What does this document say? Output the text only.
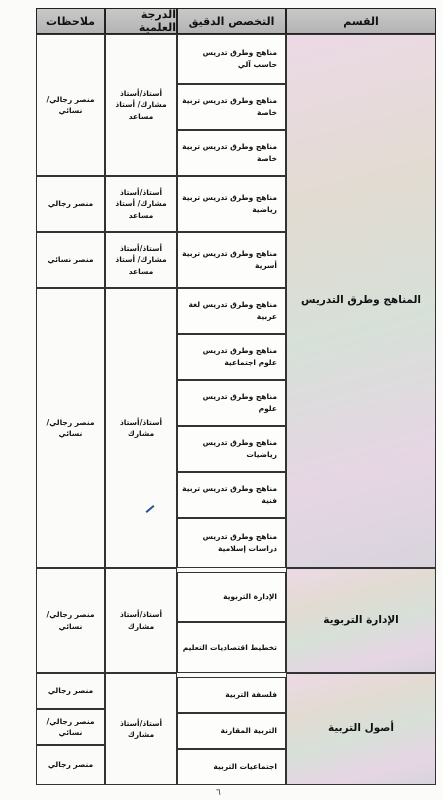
القسم
التخصص الدقيق
الدرجة العلمية
ملاحظات
المناهج وطرق التدريس
الإدارة التربوية
أصول التربية
مناهج وطرق تدريس حاسب آلي
مناهج وطرق تدريس تربية خاصة
مناهج وطرق تدريس تربية خاصة
مناهج وطرق تدريس تربية رياضية
مناهج وطرق تدريس تربية أسرية
مناهج وطرق تدريس لغة عربية
مناهج وطرق تدريس علوم اجتماعية
مناهج وطرق تدريس علوم
مناهج وطرق تدريس رياضيات
مناهج وطرق تدريس تربية فنية
مناهج وطرق تدريس دراسات إسلامية
الإدارة التربوية
تخطيط اقتصاديات التعليم
فلسفة التربية
التربية المقارنة
اجتماعيات التربية
أستاذ/أستاذ مشارك/ أستاذ مساعد
أستاذ/أستاذ مشارك/ أستاذ مساعد
أستاذ/أستاذ مشارك/ أستاذ مساعد
أستاذ/أستاذ مشارك
أستاذ/أستاذ مشارك
أستاذ/أستاذ مشارك
منصر رجالي/ نسائي
منصر رجالي
منصر نسائي
منصر رجالي/ نسائي
منصر رجالي/ نسائي
منصر رجالي
منصر رجالي/ نسائي
منصر رجالي
٦
